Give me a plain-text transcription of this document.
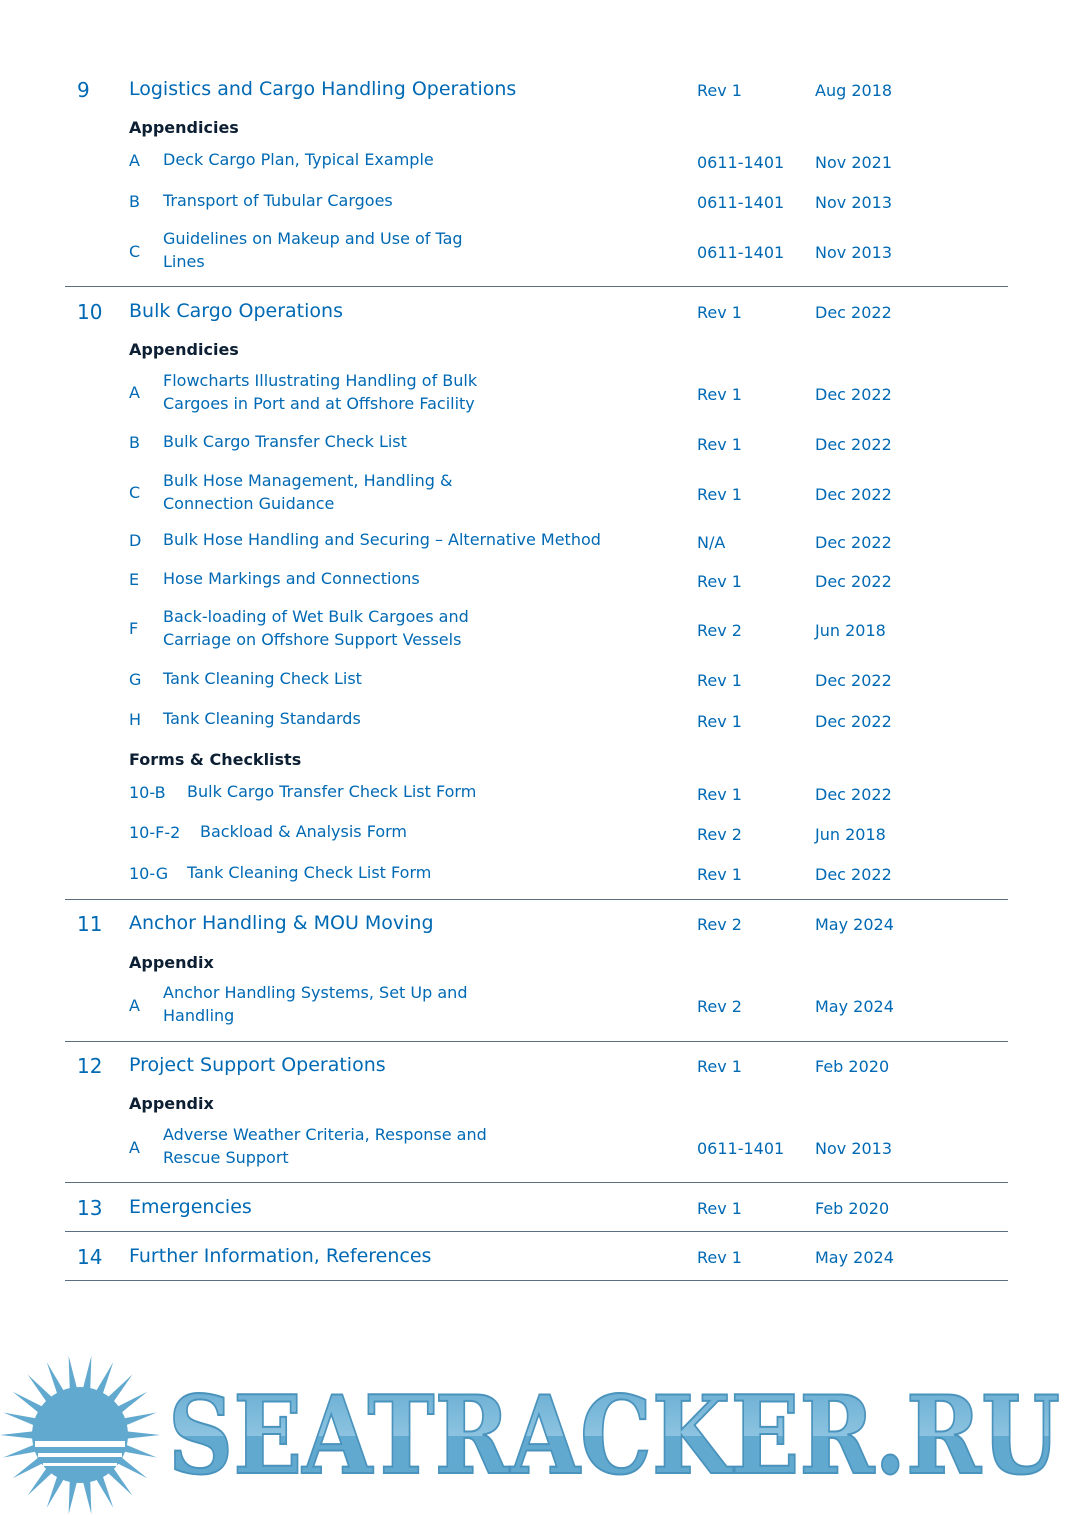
9 Logistics and Cargo Handling Operations	Rev 1	Aug 2018
Appendicies
A Deck Cargo Plan, Typical Example	0611-1401 Nov 2021
B Transport of Tubular Cargoes	0611-1401 Nov 2013
C
Guidelines on Makeup and Use of Tag
Lines	0611-1401 Nov 2013
10 Bulk Cargo Operations	Rev 1	Dec 2022
Appendicies
A
Flowcharts Illustrating Handling of Bulk
Cargoes in Port and at Offshore Facility	Rev 1	Dec 2022
B Bulk Cargo Transfer Check List	Rev 1	Dec 2022
C
Bulk Hose Management, Handling &
Connection Guidance	Rev 1	Dec 2022
D Bulk Hose Handling and Securing – Alternative Method	N/A	Dec 2022
E Hose Markings and Connections	Rev 1	Dec 2022
F
Back-loading of Wet Bulk Cargoes and
Carriage on Offshore Support Vessels	Rev 2	Jun 2018
G Tank Cleaning Check List	Rev 1	Dec 2022
H Tank Cleaning Standards	Rev 1	Dec 2022
Forms & Checklists
10-B Bulk Cargo Transfer Check List Form	Rev 1	Dec 2022
10-F-2 Backload & Analysis Form	Rev 2	Jun 2018
10-G Tank Cleaning Check List Form	Rev 1	Dec 2022
11 Anchor Handling & MOU Moving	Rev 2	May 2024
Appendix
A
Anchor Handling Systems, Set Up and
Handling	Rev 2	May 2024
12 Project Support Operations	Rev 1	Feb 2020
Appendix
A
Adverse Weather Criteria, Response and
Rescue Support	0611-1401 Nov 2013
13 Emergencies	Rev 1	Feb 2020
14 Further Information, References	Rev 1	May 2024
SEATRACKER.RU
